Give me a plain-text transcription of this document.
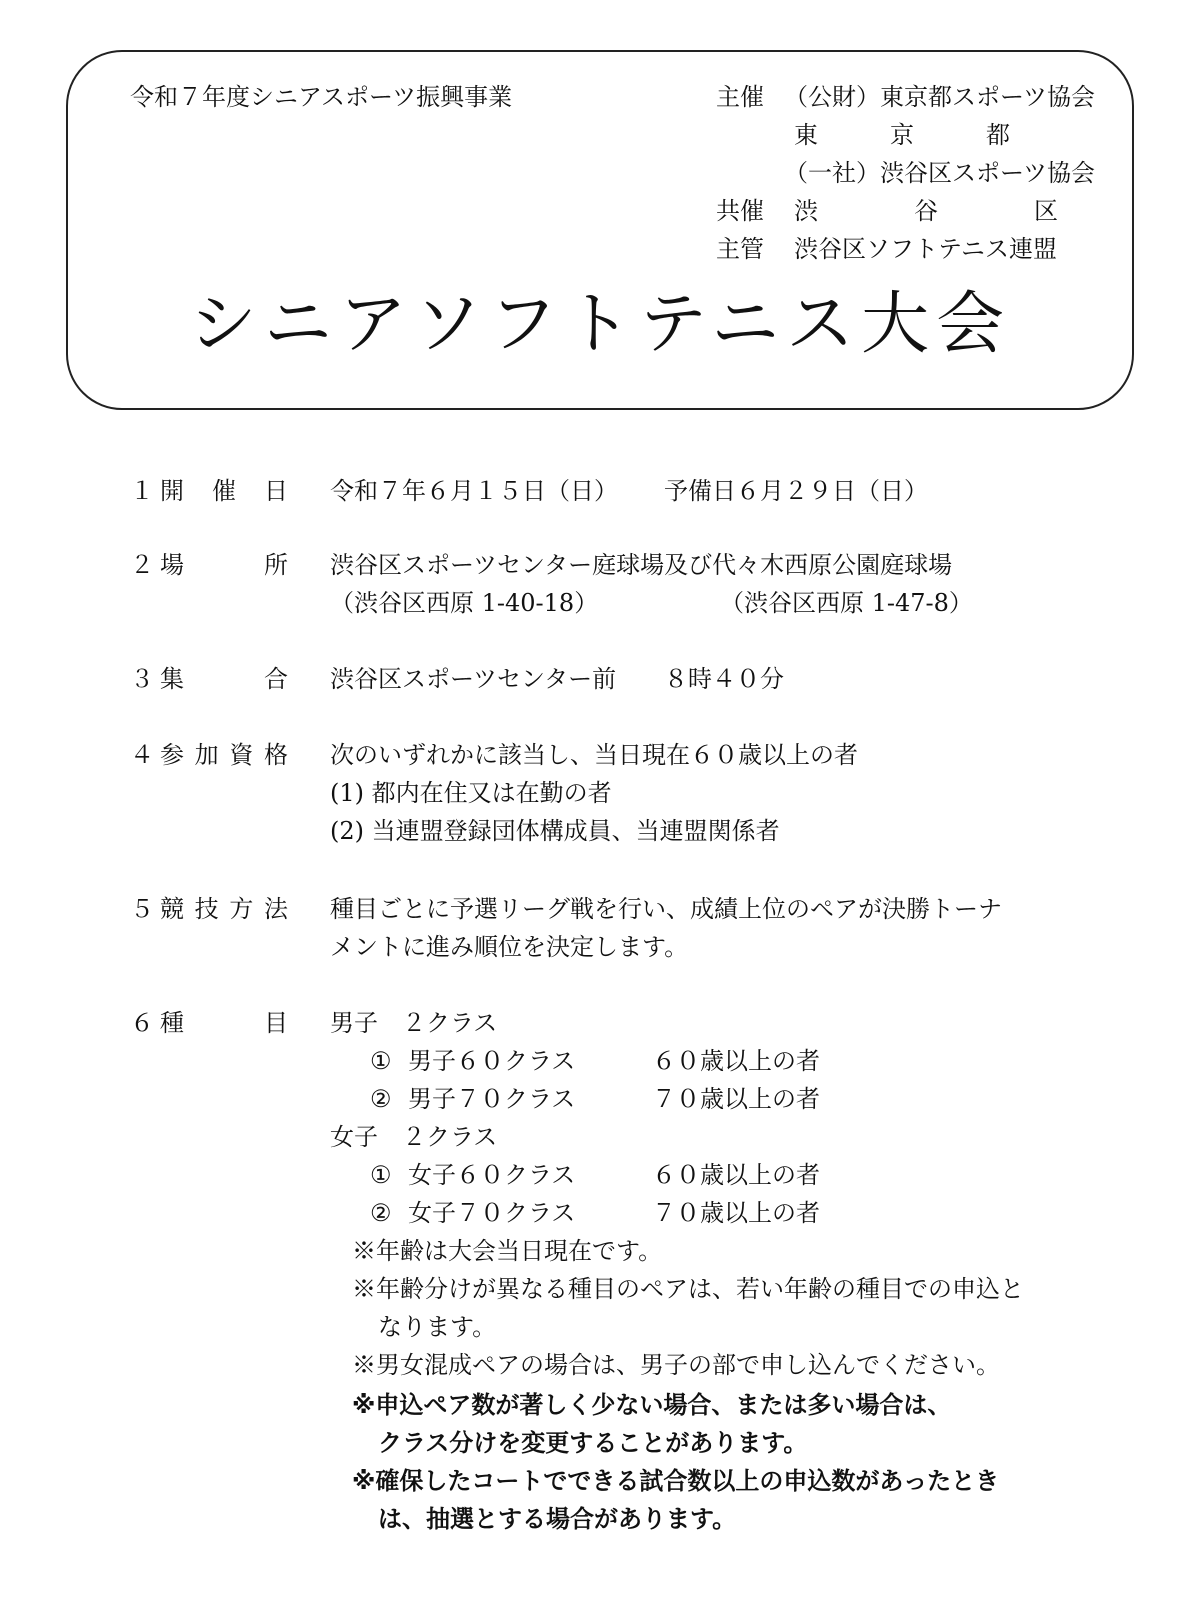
令和７年度シニアスポーツ振興事業	主催 （公財）東京都スポーツ協会
東　　　京　　　都
（一社）渋谷区スポーツ協会
共催 渋　　　　谷　　　　区
主管 渋谷区ソフトテニス連盟
シニアソフトテニス大会
１ 開 催 日 令和７年６月１５日（日） 予備日６月２９日（日）
２ 場	所 渋谷区スポーツセンター庭球場及び代々木西原公園庭球場
（渋谷区西原 1-40-18）	（渋谷区西原 1-47-8）
３ 集	合 渋谷区スポーツセンター前 ８時４０分
４ 参 加 資 格 次のいずれかに該当し、当日現在６０歳以上の者
(1) 都内在住又は在勤の者
(2) 当連盟登録団体構成員、当連盟関係者
５ 競 技 方 法 種目ごとに予選リーグ戦を行い、成績上位のペアが決勝トーナ
メントに進み順位を決定します。
６ 種	目 男子　２クラス
① 男子６０クラス	６０歳以上の者
② 男子７０クラス	７０歳以上の者
女子　２クラス
① 女子６０クラス	６０歳以上の者
② 女子７０クラス	７０歳以上の者
※年齢は大会当日現在です。
※年齢分けが異なる種目のペアは、若い年齢の種目での申込と
なります。
※男女混成ペアの場合は、男子の部で申し込んでください。
※申込ペア数が著しく少ない場合、または多い場合は、
クラス分けを変更することがあります。
※確保したコートでできる試合数以上の申込数があったとき
は、抽選とする場合があります。
